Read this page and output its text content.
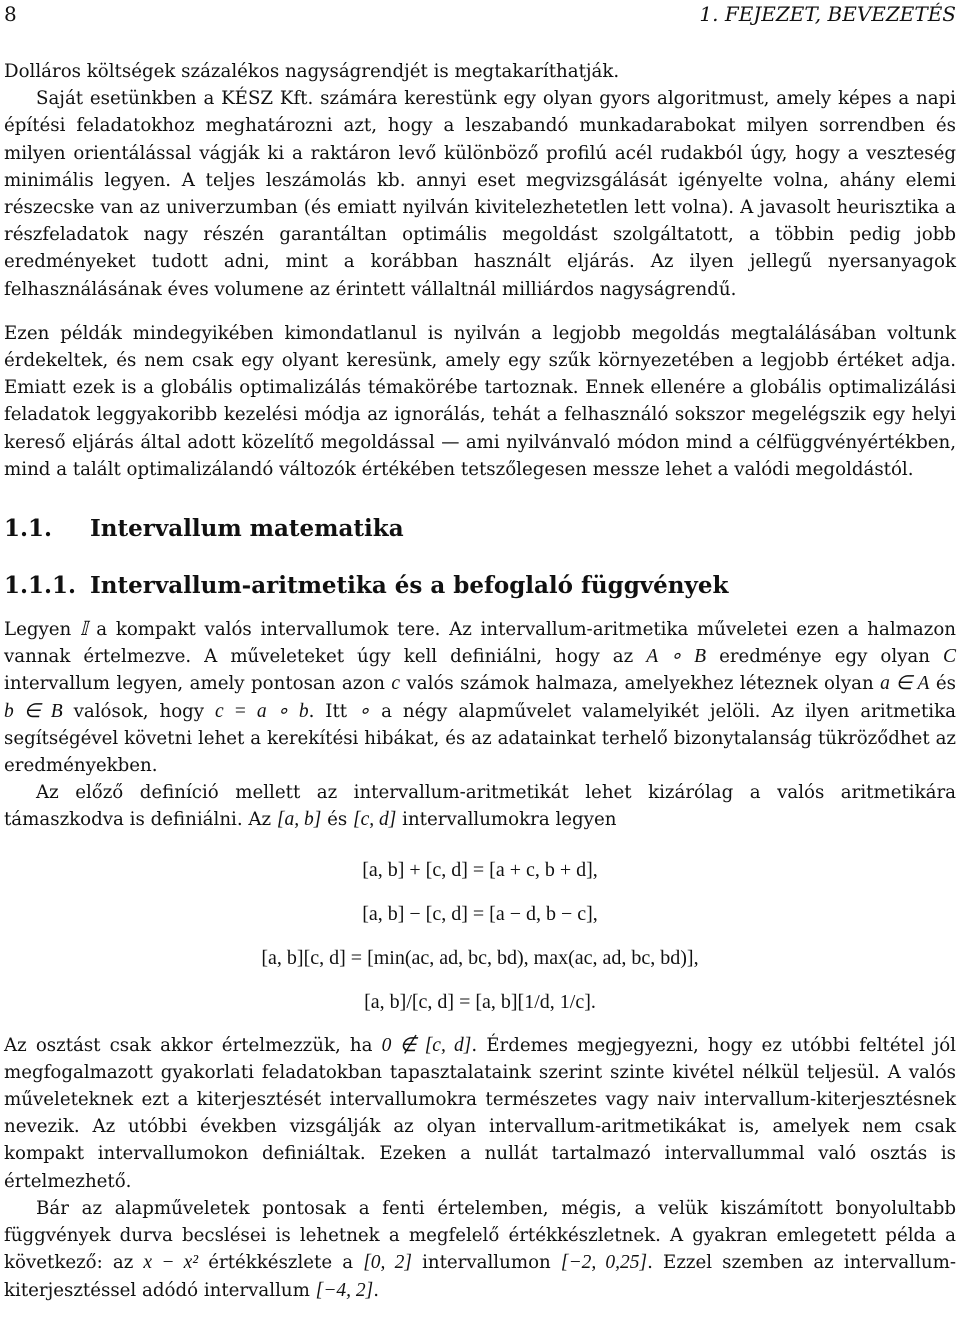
8	1. FEJEZET, BEVEZETÉS

Dolláros költségek százalékos nagyságrendjét is megtakaríthatják.

Saját esetünkben a KÉSZ Kft. számára kerestünk egy olyan gyors algoritmust, amely képes a napi építési feladatokhoz meghatározni azt, hogy a leszabandó munkadarabokat milyen sorrendben és milyen orientálással vágják ki a raktáron levő különböző profilú acél rudakból úgy, hogy a veszteség minimális legyen. A teljes leszámolás kb. annyi eset megvizsgálását igényelte volna, ahány elemi részecske van az univerzumban (és emiatt nyilván kivitelezhetetlen lett volna). A javasolt heurisztika a részfeladatok nagy részén garantáltan optimális megoldást szolgáltatott, a többin pedig jobb eredményeket tudott adni, mint a korábban használt eljárás. Az ilyen jellegű nyersanyagok felhasználásának éves volumene az érintett vállaltnál milliárdos nagyságrendű.

Ezen példák mindegyikében kimondatlanul is nyilván a legjobb megoldás megtalálásában voltunk érdekeltek, és nem csak egy olyant keresünk, amely egy szűk környezetében a legjobb értéket adja. Emiatt ezek is a globális optimalizálás témakörébe tartoznak. Ennek ellenére a globális optimalizálási feladatok leggyakoribb kezelési módja az ignorálás, tehát a felhasználó sokszor megelégszik egy helyi kereső eljárás által adott közelítő megoldással — ami nyilvánvaló módon mind a célfüggvényértékben, mind a talált optimalizálandó változók értékében tetszőlegesen messze lehet a valódi megoldástól.

1.1. Intervallum matematika
1.1.1. Intervallum-aritmetika és a befoglaló függvények

Legyen 𝕀 a kompakt valós intervallumok tere. Az intervallum-aritmetika műveletei ezen a halmazon vannak értelmezve. A műveleteket úgy kell definiálni, hogy az A ∘ B eredménye egy olyan C intervallum legyen, amely pontosan azon c valós számok halmaza, amelyekhez léteznek olyan a ∈ A és b ∈ B valósok, hogy c = a ∘ b. Itt ∘ a négy alapművelet valamelyikét jelöli. Az ilyen aritmetika segítségével követni lehet a kerekítési hibákat, és az adatainkat terhelő bizonytalanság tükröződhet az eredményekben.

Az előző definíció mellett az intervallum-aritmetikát lehet kizárólag a valós aritmetikára támaszkodva is definiálni. Az [a, b] és [c, d] intervallumokra legyen

[a, b] + [c, d] = [a + c, b + d],
[a, b] − [c, d] = [a − d, b − c],
[a, b][c, d] = [min(ac, ad, bc, bd), max(ac, ad, bc, bd)],
[a, b]/[c, d] = [a, b][1/d, 1/c].

Az osztást csak akkor értelmezzük, ha 0 ∉ [c, d]. Érdemes megjegyezni, hogy ez utóbbi feltétel jól megfogalmazott gyakorlati feladatokban tapasztalataink szerint szinte kivétel nélkül teljesül. A valós műveleteknek ezt a kiterjesztését intervallumokra természetes vagy naiv intervallum-kiterjesztésnek nevezik. Az utóbbi években vizsgálják az olyan intervallum-aritmetikákat is, amelyek nem csak kompakt intervallumokon definiáltak. Ezeken a nullát tartalmazó intervallummal való osztás is értelmezhető.

Bár az alapműveletek pontosak a fenti értelemben, mégis, a velük kiszámított bonyolultabb függvények durva becslései is lehetnek a megfelelő értékkészletnek. A gyakran emlegetett példa a következő: az x − x² értékkészlete a [0, 2] intervallumon [−2, 0,25]. Ezzel szemben az intervallum-kiterjesztéssel adódó intervallum [−4, 2].
